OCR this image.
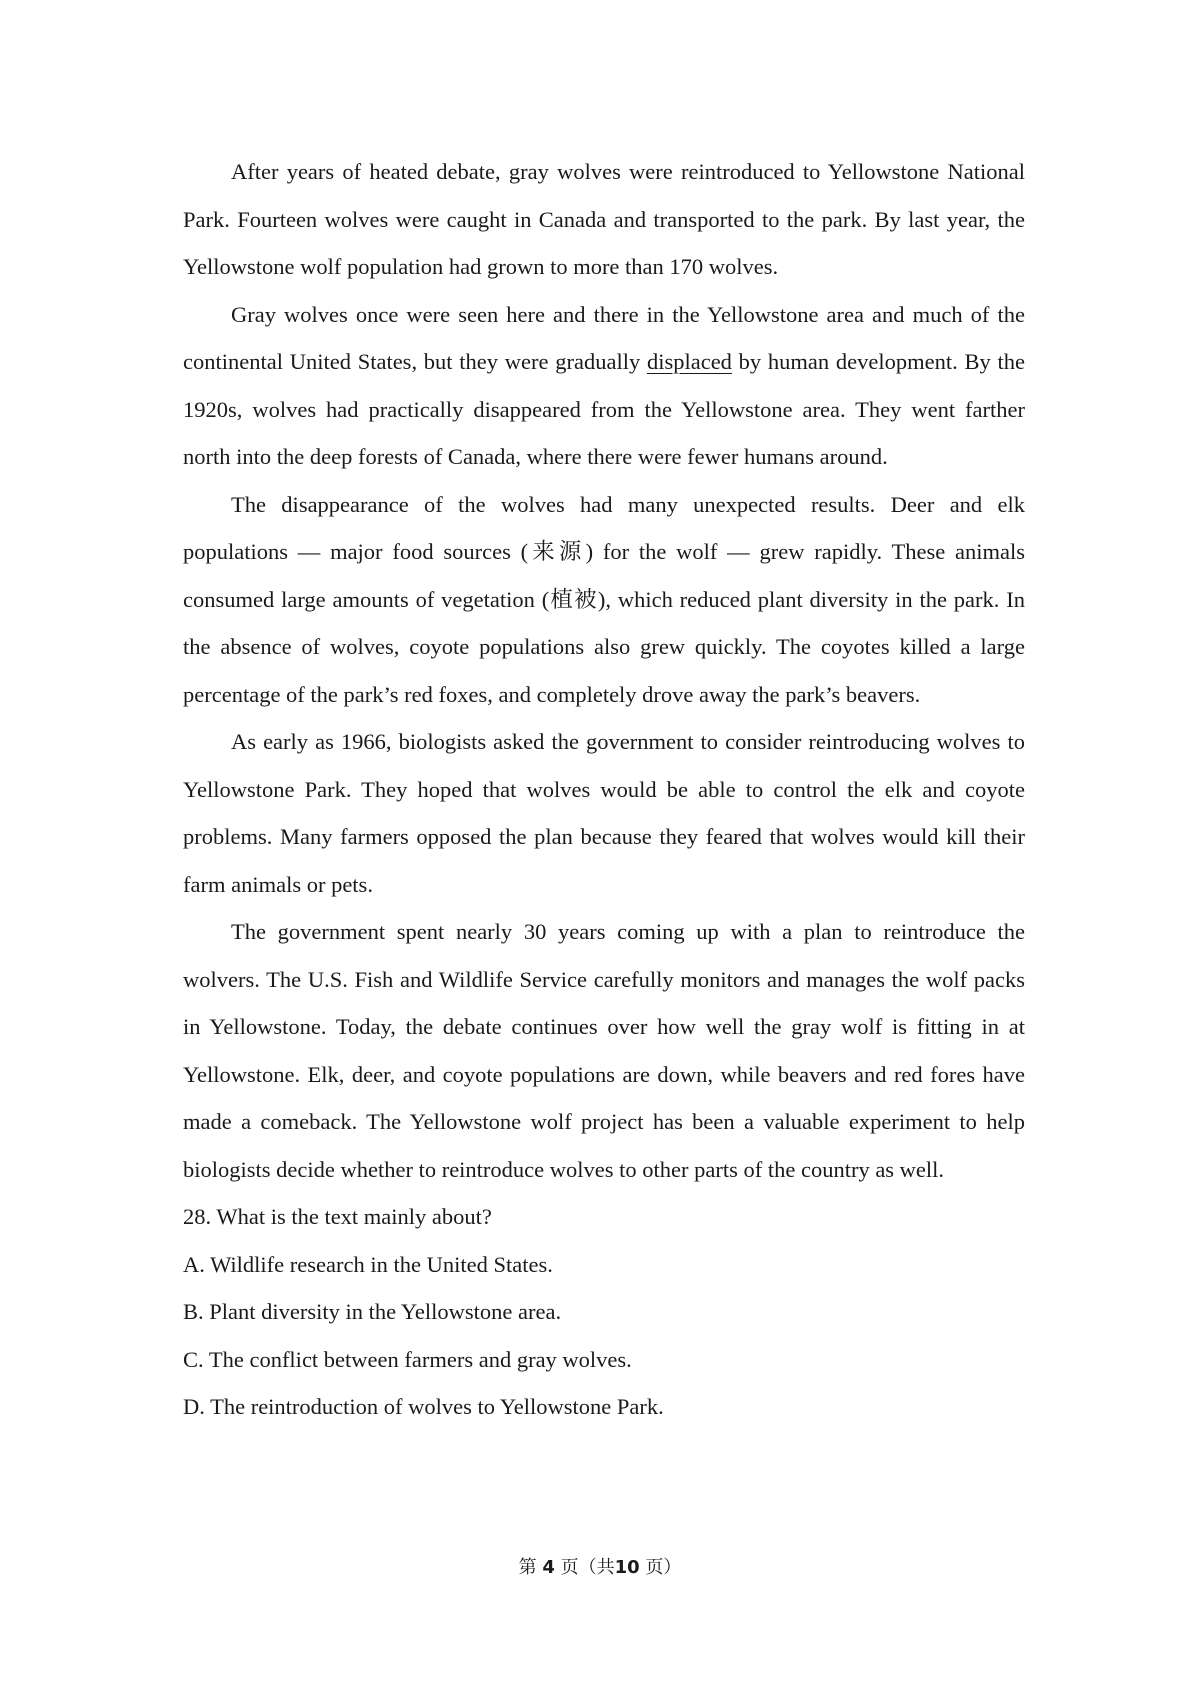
After years of heated debate, gray wolves were reintroduced to Yellowstone National Park. Fourteen wolves were caught in Canada and transported to the park. By last year, the Yellowstone wolf population had grown to more than 170 wolves.

Gray wolves once were seen here and there in the Yellowstone area and much of the continental United States, but they were gradually displaced by human development. By the 1920s, wolves had practically disappeared from the Yellowstone area. They went farther north into the deep forests of Canada, where there were fewer humans around.

The disappearance of the wolves had many unexpected results. Deer and elk populations — major food sources (来源) for the wolf — grew rapidly. These animals consumed large amounts of vegetation (植被), which reduced plant diversity in the park. In the absence of wolves, coyote populations also grew quickly. The coyotes killed a large percentage of the park’s red foxes, and completely drove away the park’s beavers.

As early as 1966, biologists asked the government to consider reintroducing wolves to Yellowstone Park. They hoped that wolves would be able to control the elk and coyote problems. Many farmers opposed the plan because they feared that wolves would kill their farm animals or pets.

The government spent nearly 30 years coming up with a plan to reintroduce the wolvers. The U.S. Fish and Wildlife Service carefully monitors and manages the wolf packs in Yellowstone. Today, the debate continues over how well the gray wolf is fitting in at Yellowstone. Elk, deer, and coyote populations are down, while beavers and red fores have made a comeback. The Yellowstone wolf project has been a valuable experiment to help biologists decide whether to reintroduce wolves to other parts of the country as well.

28. What is the text mainly about?

A. Wildlife research in the United States.

B. Plant diversity in the Yellowstone area.

C. The conflict between farmers and gray wolves.

D. The reintroduction of wolves to Yellowstone Park.

第 4 页（共10 页）
